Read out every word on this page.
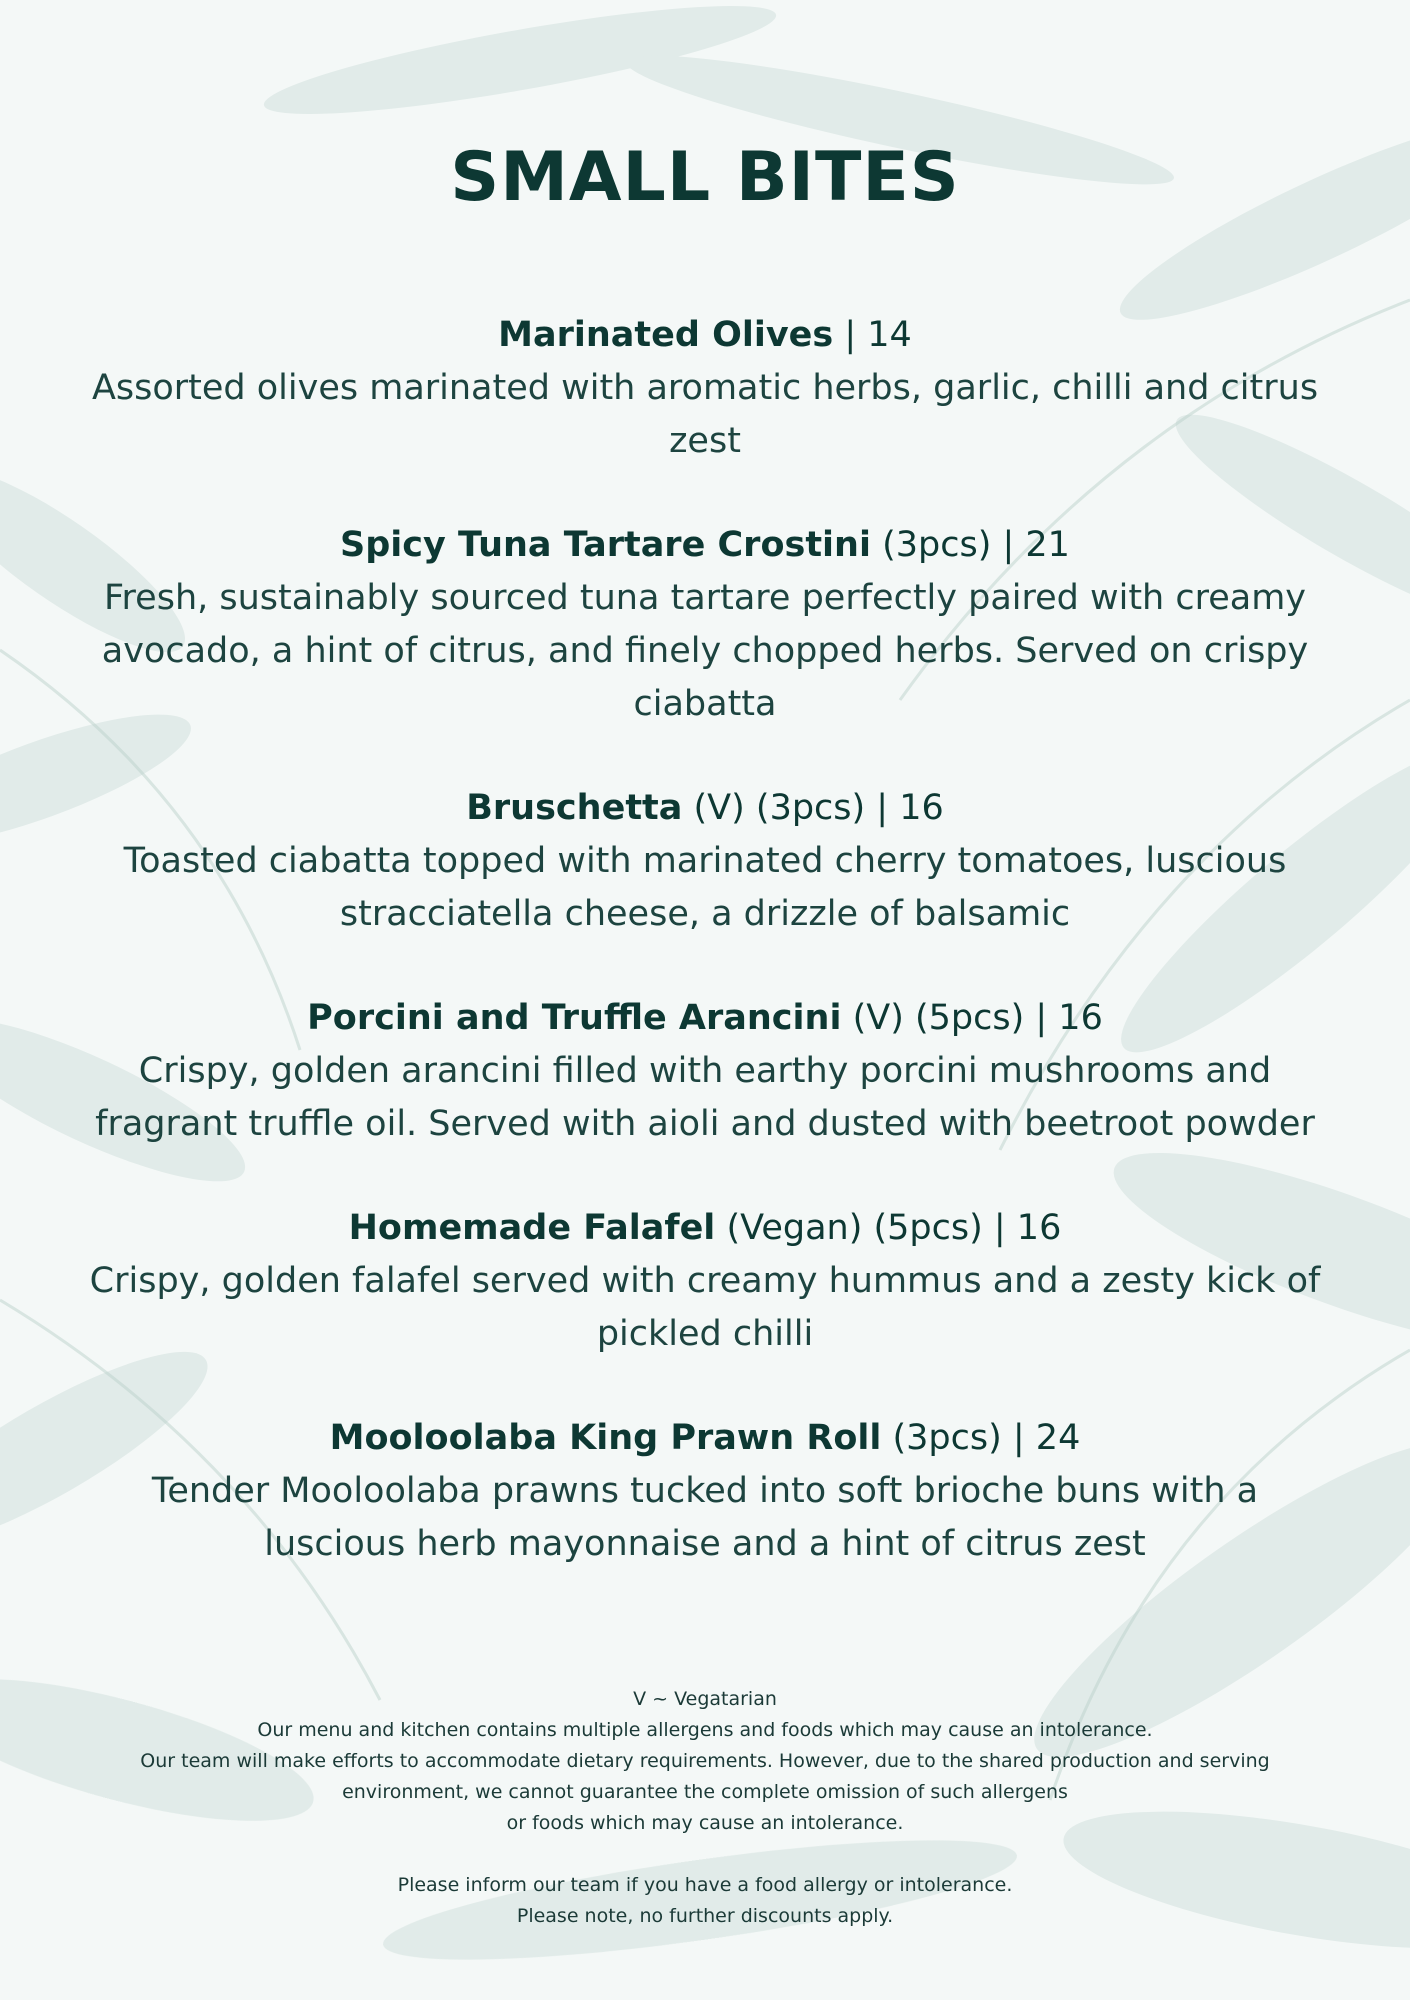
SMALL BITES
Marinated Olives | 14
Assorted olives marinated with aromatic herbs, garlic, chilli and citrus zest
Spicy Tuna Tartare Crostini (3pcs) | 21
Fresh, sustainably sourced tuna tartare perfectly paired with creamy avocado, a hint of citrus, and finely chopped herbs. Served on crispy ciabatta
Bruschetta (V) (3pcs) | 16
Toasted ciabatta topped with marinated cherry tomatoes, luscious stracciatella cheese, a drizzle of balsamic
Porcini and Truffle Arancini (V) (5pcs) | 16
Crispy, golden arancini filled with earthy porcini mushrooms and fragrant truffle oil. Served with aioli and dusted with beetroot powder
Homemade Falafel (Vegan) (5pcs) | 16
Crispy, golden falafel served with creamy hummus and a zesty kick of pickled chilli
Mooloolaba King Prawn Roll (3pcs) | 24
Tender Mooloolaba prawns tucked into soft brioche buns with a luscious herb mayonnaise and a hint of citrus zest
V ~ Vegatarian
Our menu and kitchen contains multiple allergens and foods which may cause an intolerance.
Our team will make efforts to accommodate dietary requirements. However, due to the shared production and serving environment, we cannot guarantee the complete omission of such allergens
or foods which may cause an intolerance.
Please inform our team if you have a food allergy or intolerance.
Please note, no further discounts apply.
